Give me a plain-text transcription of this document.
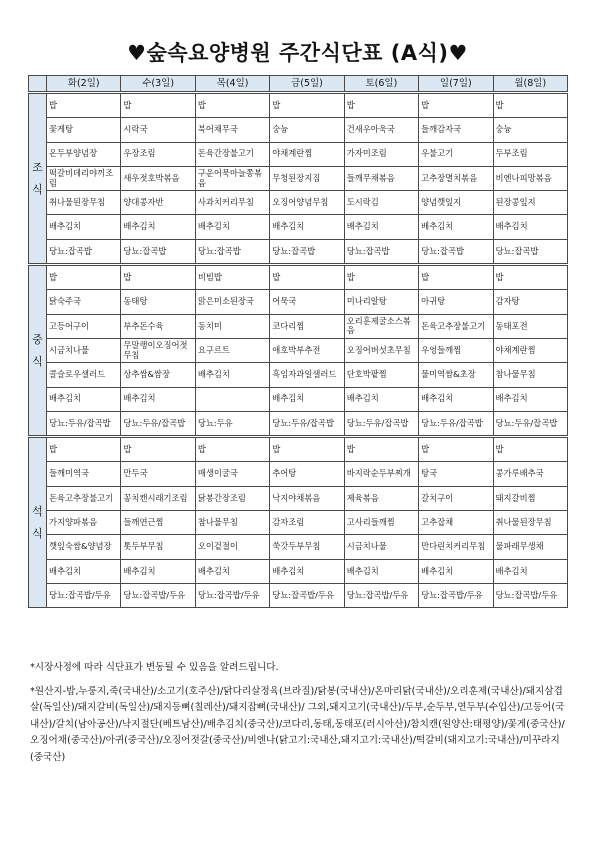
♥숲속요양병원 주간식단표 (A식)♥
	화(2일)	수(3일)	목(4일)	금(5일)	토(6일)	일(7일)	월(8일)

조
식	밥	밥	밥	밥	밥	밥	밥
	꽃게탕	시락국	북어채무국	숭늉	건새우아욱국	들깨감자국	숭늉
	온두부양념장	우장조림	돈육간장불고기	야채계란찜	가자미조림	우불고기	두부조림
	떡갈비데리야끼조림	새우젓호박볶음	구운어묵마늘쫑볶음	무청된장지짐	들깨무채볶음	고추장멸치볶음	비엔나피망볶음
	취나물된장무침	양대콩자반	사과치커리무침	오징어양념무침	도시락김	양념깻잎지	된장콩잎지
	배추김치	배추김치	배추김치	배추김치	배추김치	배추김치	배추김치
	당뇨:잡곡밥	당뇨:잡곡밥	당뇨:잡곡밥	당뇨:잡곡밥	당뇨:잡곡밥	당뇨:잡곡밥	당뇨:잡곡밥

중
식	밥	밥	비빔밥	밥	밥	밥	밥
	닭숙주국	동태탕	맑은미소된장국	어묵국	미나리알탕	아귀탕	감자탕
	고등어구이	부추돈수육	동치미	코다리찜	오리훈제굴소스볶음	돈육고추장불고기	동태포전
	시금치나물	무말랭이오징어젓무침	요구르트	애호박부추전	오징어버섯초무침	우엉들깨찜	야채계란찜
	콜슬로우샐러드	상추쌈&쌈장	배추김치	흑임자과일샐러드	단호박팥찜	물미역쌈&초장	참나물무침
	배추김치	배추김치		배추김치	배추김치	배추김치	배추김치
	당뇨:두유/잡곡밥	당뇨:두유/잡곡밥	당뇨:두유	당뇨:두유/잡곡밥	당뇨:두유/잡곡밥	당뇨:두유/잡곡밥	당뇨:두유/잡곡밥

석
식	밥	밥	밥	밥	밥	밥	밥
	들깨미역국	만두국	매생이굴국	추어탕	바지락순두부찌개	탕국	콩가루배추국
	돈육고추장불고기	꽁치캔시래기조림	닭봉간장조림	낙지야채볶음	제육볶음	갈치구이	돼지갈비찜
	가지양파볶음	들깨연근찜	참나물무침	감자조림	고사리들깨찜	고추잡채	취나물된장무침
	깻잎숙쌈&양념장	톳두부무침	오이겉절이	쑥갓두부무침	시금치나물	만다린치커리무침	물파래무생채
	배추김치	배추김치	배추김치	배추김치	배추김치	배추김치	배추김치
	당뇨:잡곡밥/두유	당뇨:잡곡밥/두유	당뇨:잡곡밥/두유	당뇨:잡곡밥/두유	당뇨:잡곡밥/두유	당뇨:잡곡밥/두유	당뇨:잡곡밥/두유
*시장사정에 따라 식단표가 변동될 수 있음을 알려드립니다.
*원산지-밥,누룽지,죽(국내산)/소고기(호주산)/닭다리살정육(브라질)/닭봉(국내산)/온마리닭(국내산)/오리훈제(국내산)/돼지삼겹살(독일산)/돼지갈비(독일산)/돼지등뼈(칠레산)/돼지잡뼈(국내산)/ 그외,돼지고기(국내산)/두부,순두부,연두부(수입산)/고등어(국내산)/갈치(남아공산)/낙지절단(베트남산)/배추김치(중국산)/코다리,동태,동태포(러시아산)/참치캔(원양산:태평양)/꽃게(중국산)/오징어채(중국산)/아귀(중국산)/오징어젓갈(중국산)/비엔나(닭고기:국내산,돼지고기:국내산)/떡갈비(돼지고기:국내산)/미꾸라지(중국산)
